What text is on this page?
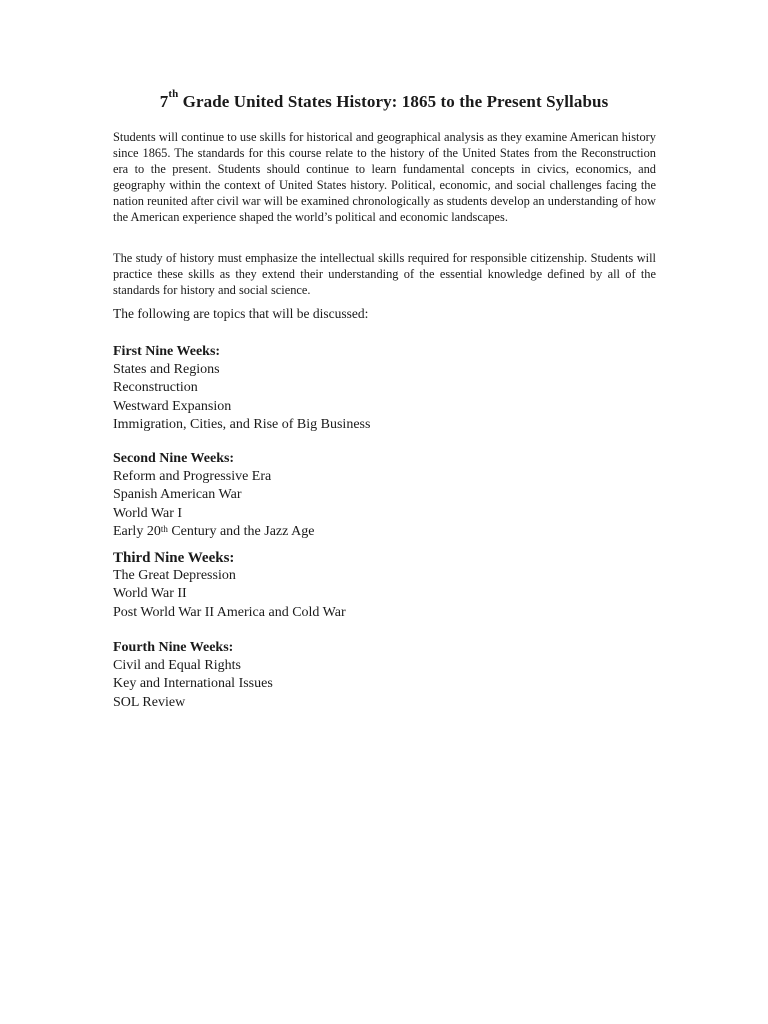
7th Grade United States History: 1865 to the Present Syllabus

Students will continue to use skills for historical and geographical analysis as they examine American history since 1865. The standards for this course relate to the history of the United States from the Reconstruction era to the present. Students should continue to learn fundamental concepts in civics, economics, and geography within the context of United States history. Political, economic, and social challenges facing the nation reunited after civil war will be examined chronologically as students develop an understanding of how the American experience shaped the world’s political and economic landscapes.

The study of history must emphasize the intellectual skills required for responsible citizenship. Students will practice these skills as they extend their understanding of the essential knowledge defined by all of the standards for history and social science.

The following are topics that will be discussed:

First Nine Weeks:

States and Regions

Reconstruction

Westward Expansion

Immigration, Cities, and Rise of Big Business

Second Nine Weeks:

Reform and Progressive Era

Spanish American War

World War I

Early 20th Century and the Jazz Age

Third Nine Weeks:

The Great Depression

World War II

Post World War II America and Cold War

Fourth Nine Weeks:

Civil and Equal Rights

Key and International Issues

SOL Review
